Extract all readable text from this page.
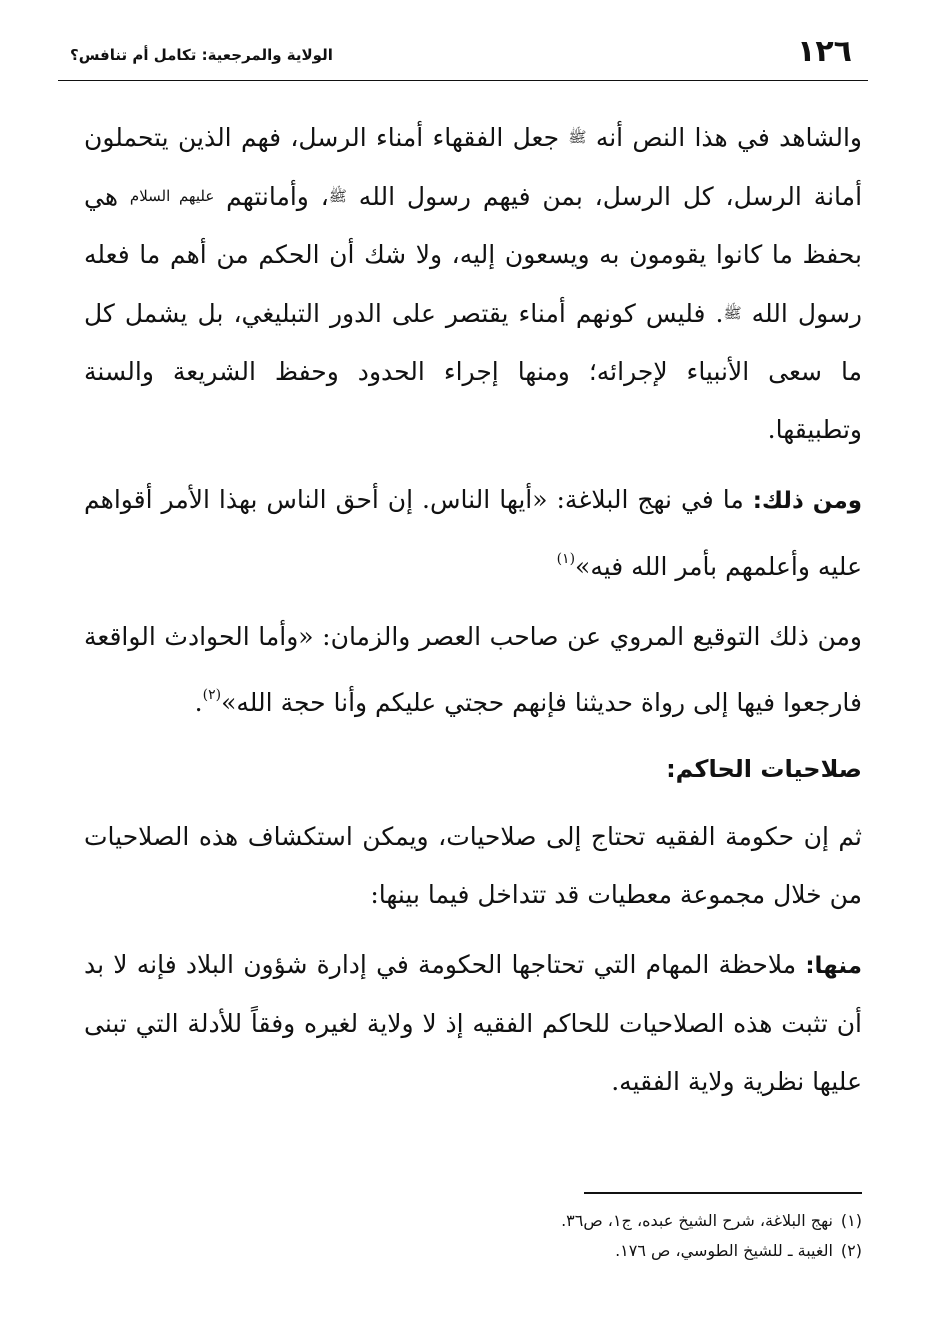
١٢٦
الولاية والمرجعية: تكامل أم تنافس؟

والشاهد في هذا النص أنه ﷺ جعل الفقهاء أمناء الرسل، فهم الذين يتحملون أمانة الرسل، كل الرسل، بمن فيهم رسول الله ﷺ، وأمانتهم عليهم السلام هي بحفظ ما كانوا يقومون به ويسعون إليه، ولا شك أن الحكم من أهم ما فعله رسول الله ﷺ. فليس كونهم أمناء يقتصر على الدور التبليغي، بل يشمل كل ما سعى الأنبياء لإجرائه؛ ومنها إجراء الحدود وحفظ الشريعة والسنة وتطبيقها.

ومن ذلك: ما في نهج البلاغة: «أيها الناس. إن أحق الناس بهذا الأمر أقواهم عليه وأعلمهم بأمر الله فيه»$^{(١)}$

ومن ذلك التوقيع المروي عن صاحب العصر والزمان: «وأما الحوادث الواقعة فارجعوا فيها إلى رواة حديثنا فإنهم حجتي عليكم وأنا حجة الله»$^{(٢)}$.

صلاحيات الحاكم:

ثم إن حكومة الفقيه تحتاج إلى صلاحيات، ويمكن استكشاف هذه الصلاحيات من خلال مجموعة معطيات قد تتداخل فيما بينها:

منها: ملاحظة المهام التي تحتاجها الحكومة في إدارة شؤون البلاد فإنه لا بد أن تثبت هذه الصلاحيات للحاكم الفقيه إذ لا ولاية لغيره وفقاً للأدلة التي تبنى عليها نظرية ولاية الفقيه.

(١)نهج البلاغة، شرح الشيخ عبده، ج١، ص٣٦.
(٢)الغيبة ـ للشيخ الطوسي، ص ١٧٦.
